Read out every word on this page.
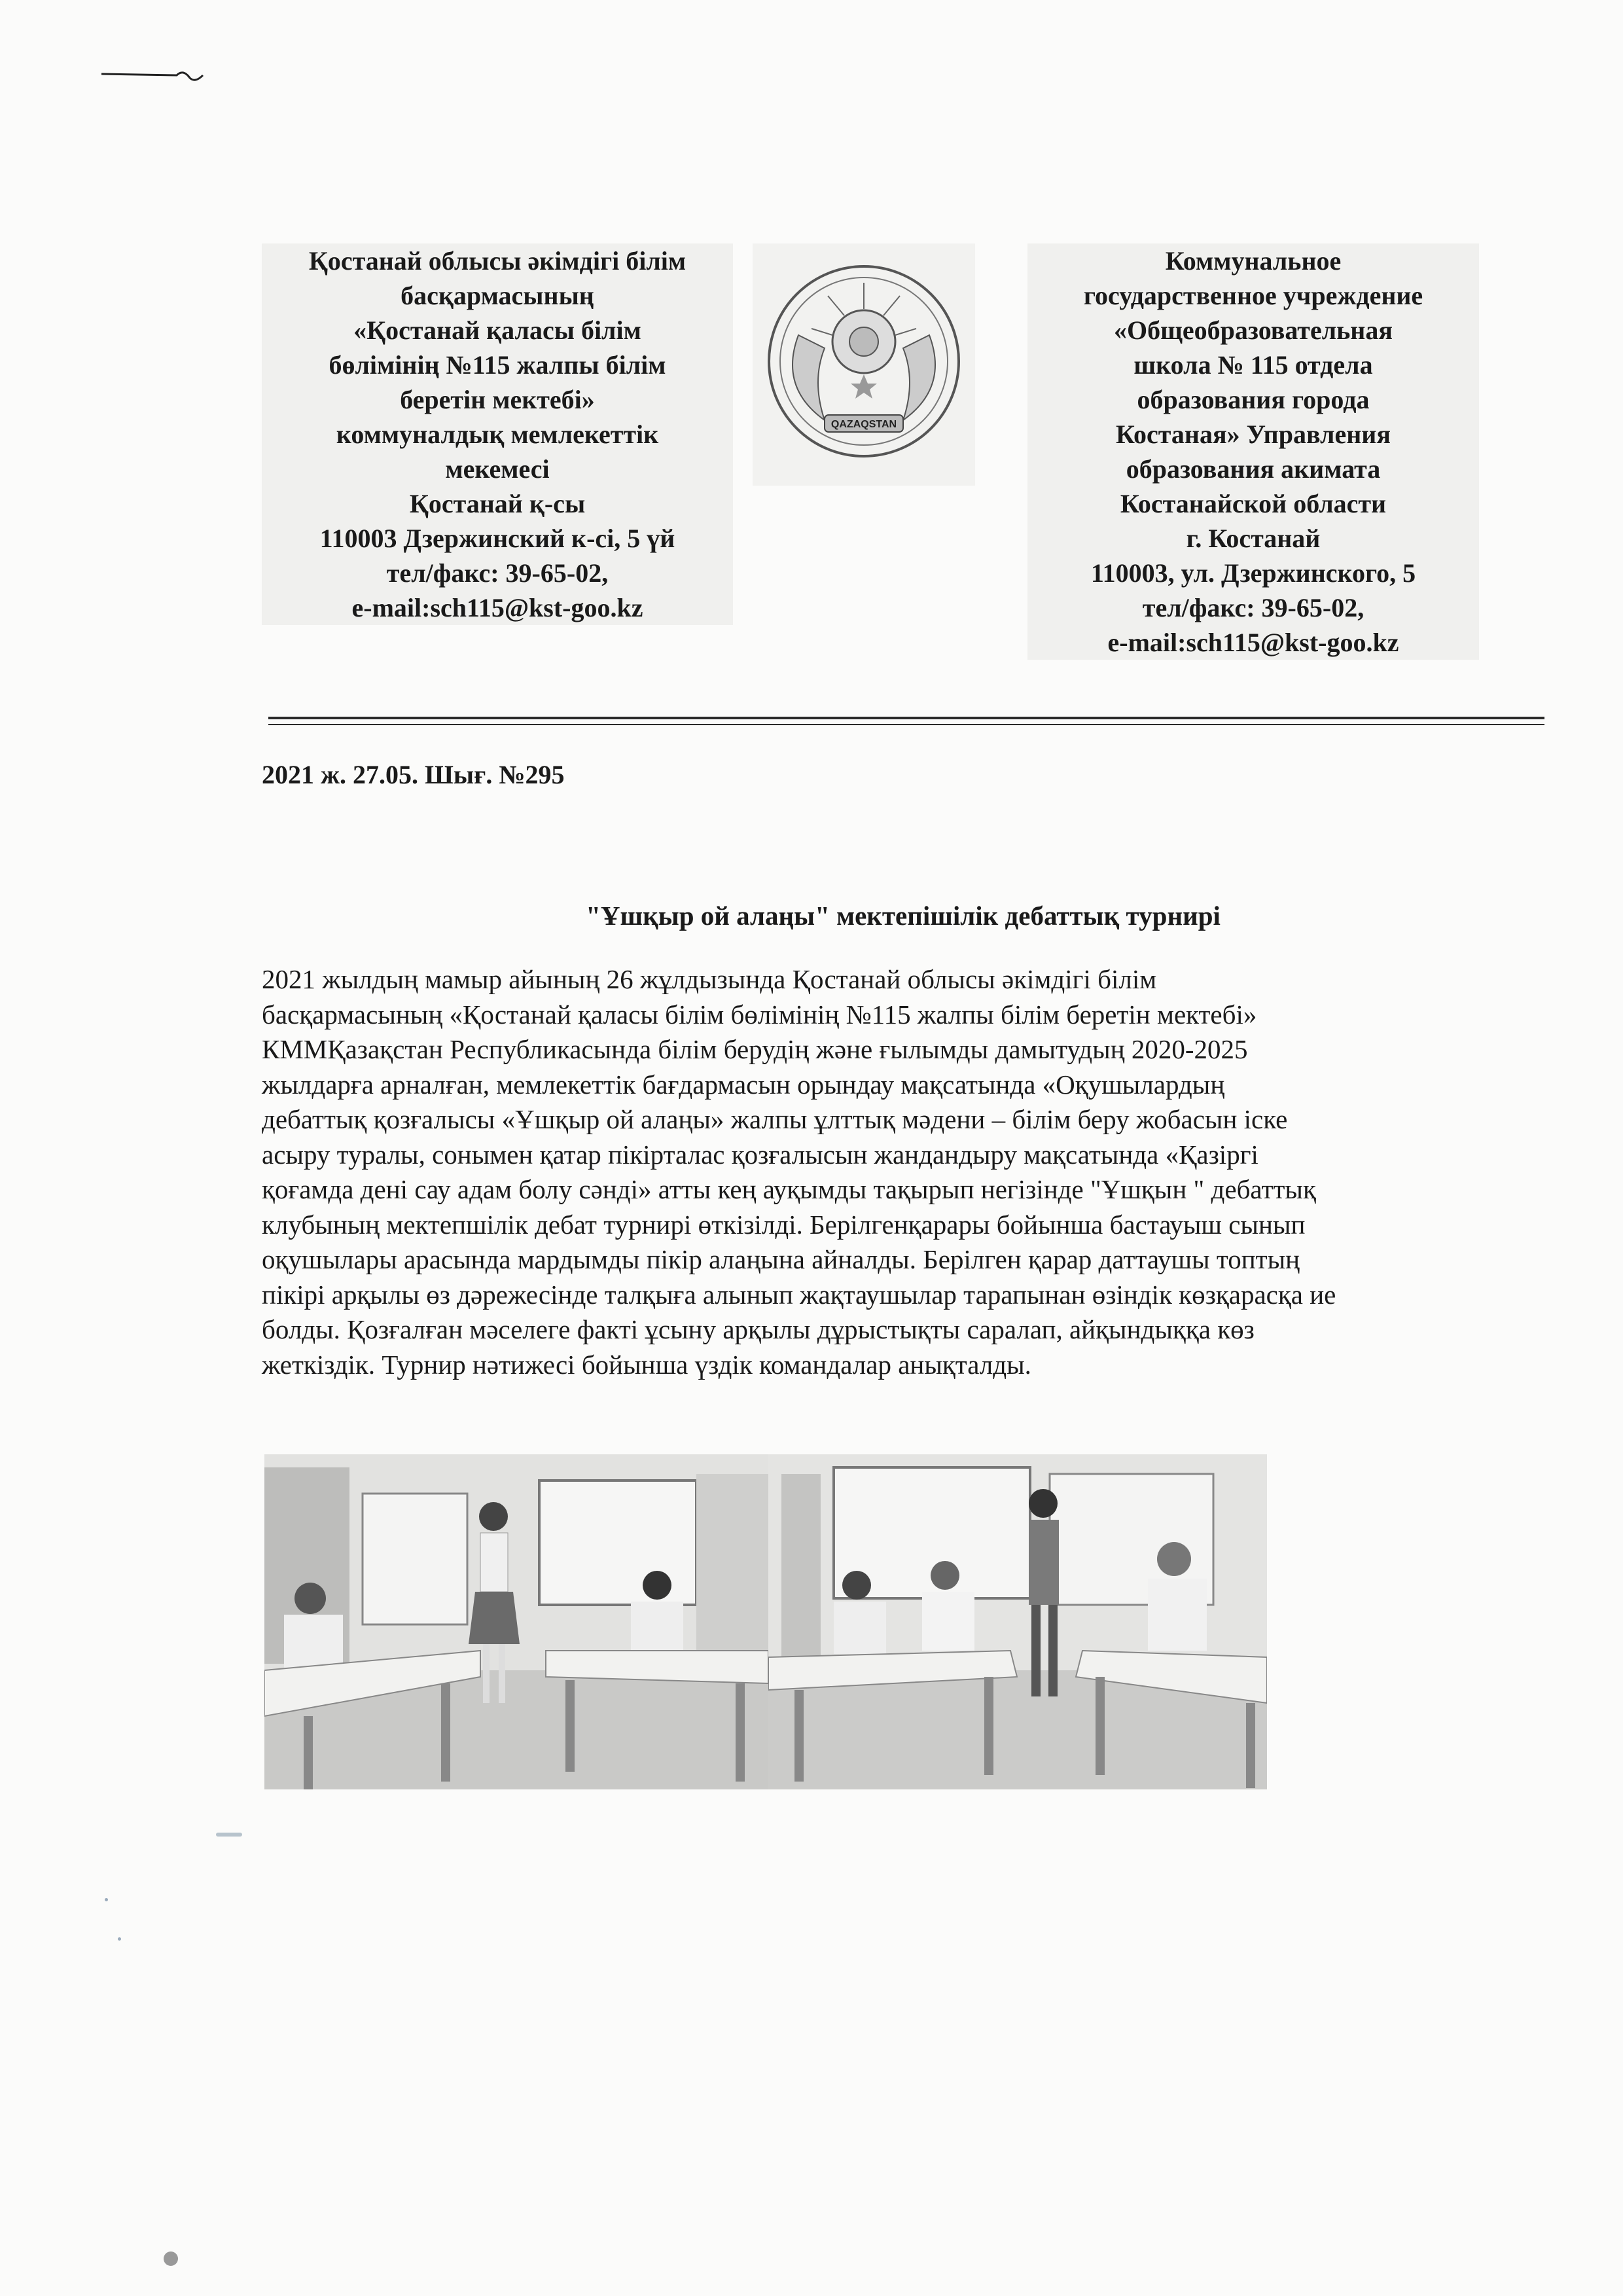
Қостанай облысы әкімдігі білім
басқармасының
«Қостанай қаласы білім
бөлімінің №115 жалпы білім
беретін мектебі»
коммуналдық мемлекеттік
мекемесі
Қостанай қ-сы
110003 Дзержинский к-сі, 5 үй
тел/факс: 39-65-02,
e-mail:sch115@kst-goo.kz
QAZAQSTAN
Коммунальное
государственное учреждение
«Общеобразовательная
школа № 115 отдела
образования города
Костаная» Управления
образования акимата
Костанайской области
г. Костанай
110003, ул. Дзержинского, 5
тел/факс: 39-65-02,
e-mail:sch115@kst-goo.kz
2021 ж. 27.05. Шығ. №295
"Ұшқыр ой алаңы" мектепішілік дебаттық турнирі
2021 жылдың мамыр айының 26 жұлдызында Қостанай облысы әкімдігі білім
басқармасының «Қостанай қаласы білім бөлімінің №115 жалпы білім беретін мектебі»
КММҚазақстан Республикасында білім берудің және ғылымды дамытудың 2020-2025
жылдарға арналған, мемлекеттік бағдармасын орындау мақсатында «Оқушылардың
дебаттық қозғалысы «Ұшқыр ой алаңы» жалпы ұлттық мәдени – білім беру жобасын іске
асыру туралы, сонымен қатар пікірталас қозғалысын жандандыру мақсатында «Қазіргі
қоғамда дені сау адам болу сәнді» атты кең ауқымды тақырып негізінде "Ұшқын " дебаттық
клубының мектепшілік дебат турнирі өткізілді. Берілгенқарары бойынша бастауыш сынып
оқушылары арасында мардымды пікір алаңына айналды. Берілген қарар даттаушы топтың
пікірі арқылы өз дәрежесінде талқыға алынып жақтаушылар тарапынан өзіндік көзқарасқа ие
болды. Қозғалған мәселеге факті ұсыну арқылы дұрыстықты саралап, айқындыққа көз
жеткіздік. Турнир нәтижесі бойынша үздік командалар анықталды.
